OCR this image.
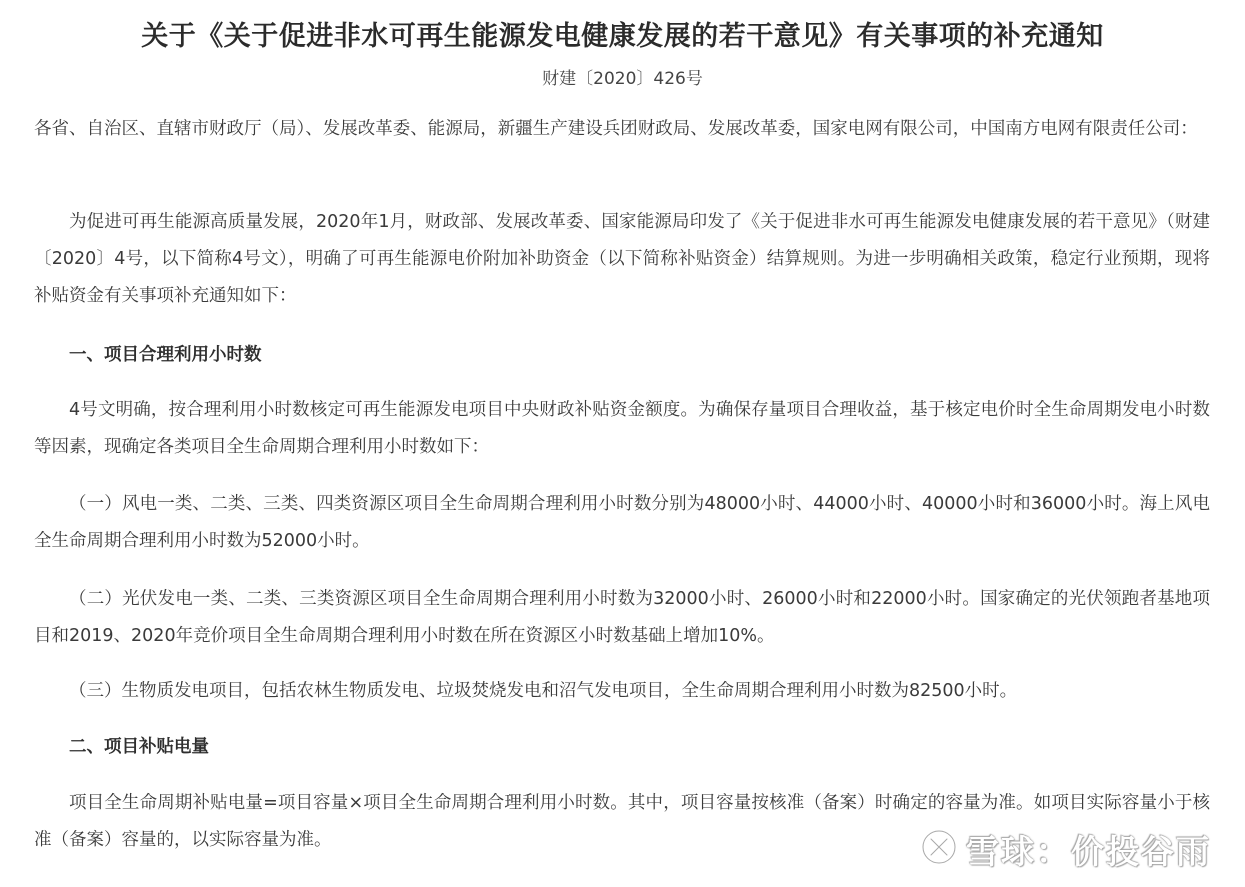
关于《关于促进非水可再生能源发电健康发展的若干意见》有关事项的补充通知
财建〔2020〕426号
各省、自治区、直辖市财政厅（局）、发展改革委、能源局，新疆生产建设兵团财政局、发展改革委，国家电网有限公司，中国南方电网有限责任公司：
为促进可再生能源高质量发展，2020年1月，财政部、发展改革委、国家能源局印发了《关于促进非水可再生能源发电健康发展的若干意见》（财建〔2020〕4号，以下简称4号文），明确了可再生能源电价附加补助资金（以下简称补贴资金）结算规则。为进一步明确相关政策，稳定行业预期，现将补贴资金有关事项补充通知如下：
一、项目合理利用小时数
4号文明确，按合理利用小时数核定可再生能源发电项目中央财政补贴资金额度。为确保存量项目合理收益，基于核定电价时全生命周期发电小时数等因素，现确定各类项目全生命周期合理利用小时数如下：
（一）风电一类、二类、三类、四类资源区项目全生命周期合理利用小时数分别为48000小时、44000小时、40000小时和36000小时。海上风电全生命周期合理利用小时数为52000小时。
（二）光伏发电一类、二类、三类资源区项目全生命周期合理利用小时数为32000小时、26000小时和22000小时。国家确定的光伏领跑者基地项目和2019、2020年竞价项目全生命周期合理利用小时数在所在资源区小时数基础上增加10%。
（三）生物质发电项目，包括农林生物质发电、垃圾焚烧发电和沼气发电项目，全生命周期合理利用小时数为82500小时。
二、项目补贴电量
项目全生命周期补贴电量=项目容量×项目全生命周期合理利用小时数。其中，项目容量按核准（备案）时确定的容量为准。如项目实际容量小于核准（备案）容量的，以实际容量为准。	雪球：价投谷雨
